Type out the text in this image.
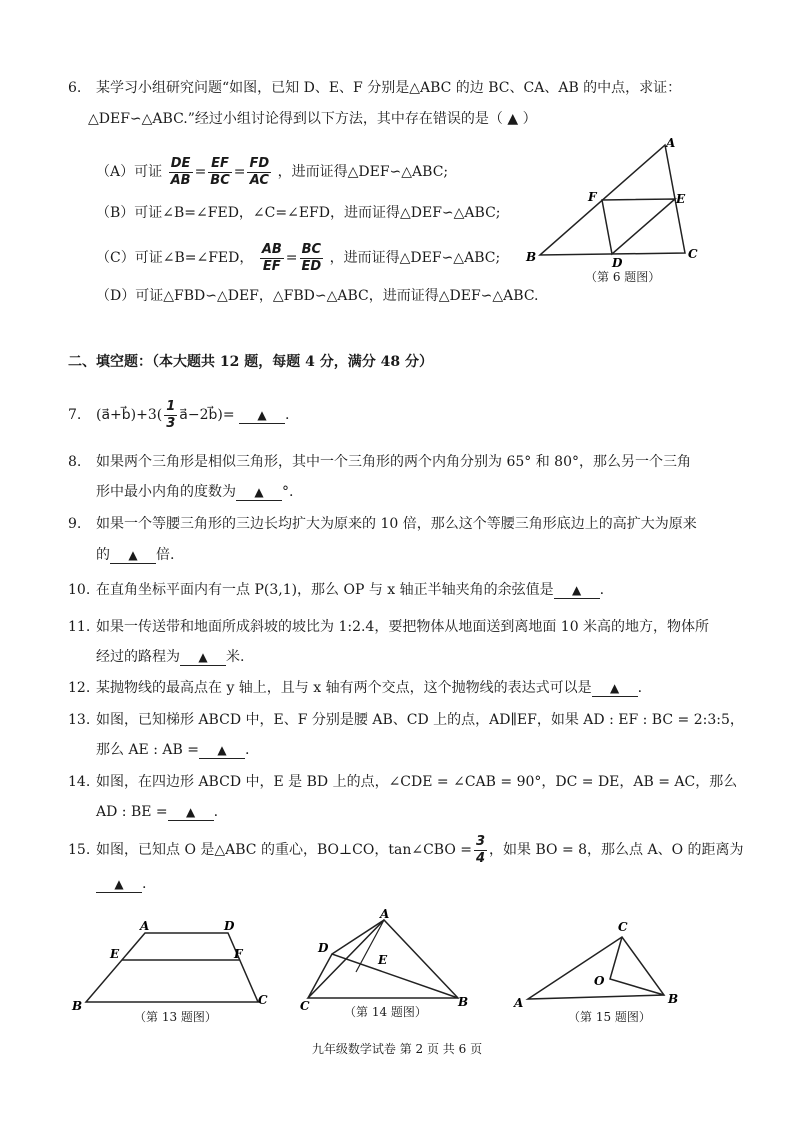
6. 某学习小组研究问题“如图，已知 D、E、F 分别是△ABC 的边 BC、CA、AB 的中点，求证：
△DEF∽△ABC.”经过小组讨论得到以下方法，其中存在错误的是（ ▲ ）
（A）可证 $\frac{DE}{AB} = \frac{EF}{BC} = \frac{FD}{AC}$ ，进而证得△DEF∽△ABC;
（B）可证∠B=∠FED，∠C=∠EFD，进而证得△DEF∽△ABC;
（C）可证∠B=∠FED， $\frac{AB}{EF} = \frac{BC}{ED}$ ，进而证得△DEF∽△ABC;
（D）可证△FBD∽△DEF，△FBD∽△ABC，进而证得△DEF∽△ABC.
A
B	C
D
E
F
（第 6 题图）
二、填空题：（本大题共 12 题，每题 4 分，满分 48 分）
7. (a⃗+b⃗)+3( $\frac{1}{3}$ a⃗−2b⃗)= ▲ .
8. 如果两个三角形是相似三角形，其中一个三角形的两个内角分别为 65° 和 80°，那么另一个三角
形中最小内角的度数为 ▲ °.
9. 如果一个等腰三角形的三边长均扩大为原来的 10 倍，那么这个等腰三角形底边上的高扩大为原来
的 ▲ 倍.
10. 在直角坐标平面内有一点 P(3,1)，那么 OP 与 x 轴正半轴夹角的余弦值是 ▲ .
11. 如果一传送带和地面所成斜坡的坡比为 1:2.4，要把物体从地面送到离地面 10 米高的地方，物体所
经过的路程为 ▲ 米.
12. 某抛物线的最高点在 y 轴上，且与 x 轴有两个交点，这个抛物线的表达式可以是 ▲ .
13. 如图，已知梯形 ABCD 中，E、F 分别是腰 AB、CD 上的点，AD∥EF，如果 AD : EF : BC = 2:3:5，
那么 AE : AB = ▲ .
14. 如图，在四边形 ABCD 中，E 是 BD 上的点，∠CDE = ∠CAB = 90°，DC = DE，AB = AC，那么
AD : BE = ▲ .
15. 如图，已知点 O 是△ABC 的重心，BO⊥CO，tan∠CBO = $\frac{3}{4}$ ，如果 BO = 8，那么点 A、O 的距离为
▲ .
A	D
E	F
B	C
（第 13 题图）
A
D
E
C	B
（第 14 题图）
C
O
A	B
（第 15 题图）
九年级数学试卷 第 2 页 共 6 页
